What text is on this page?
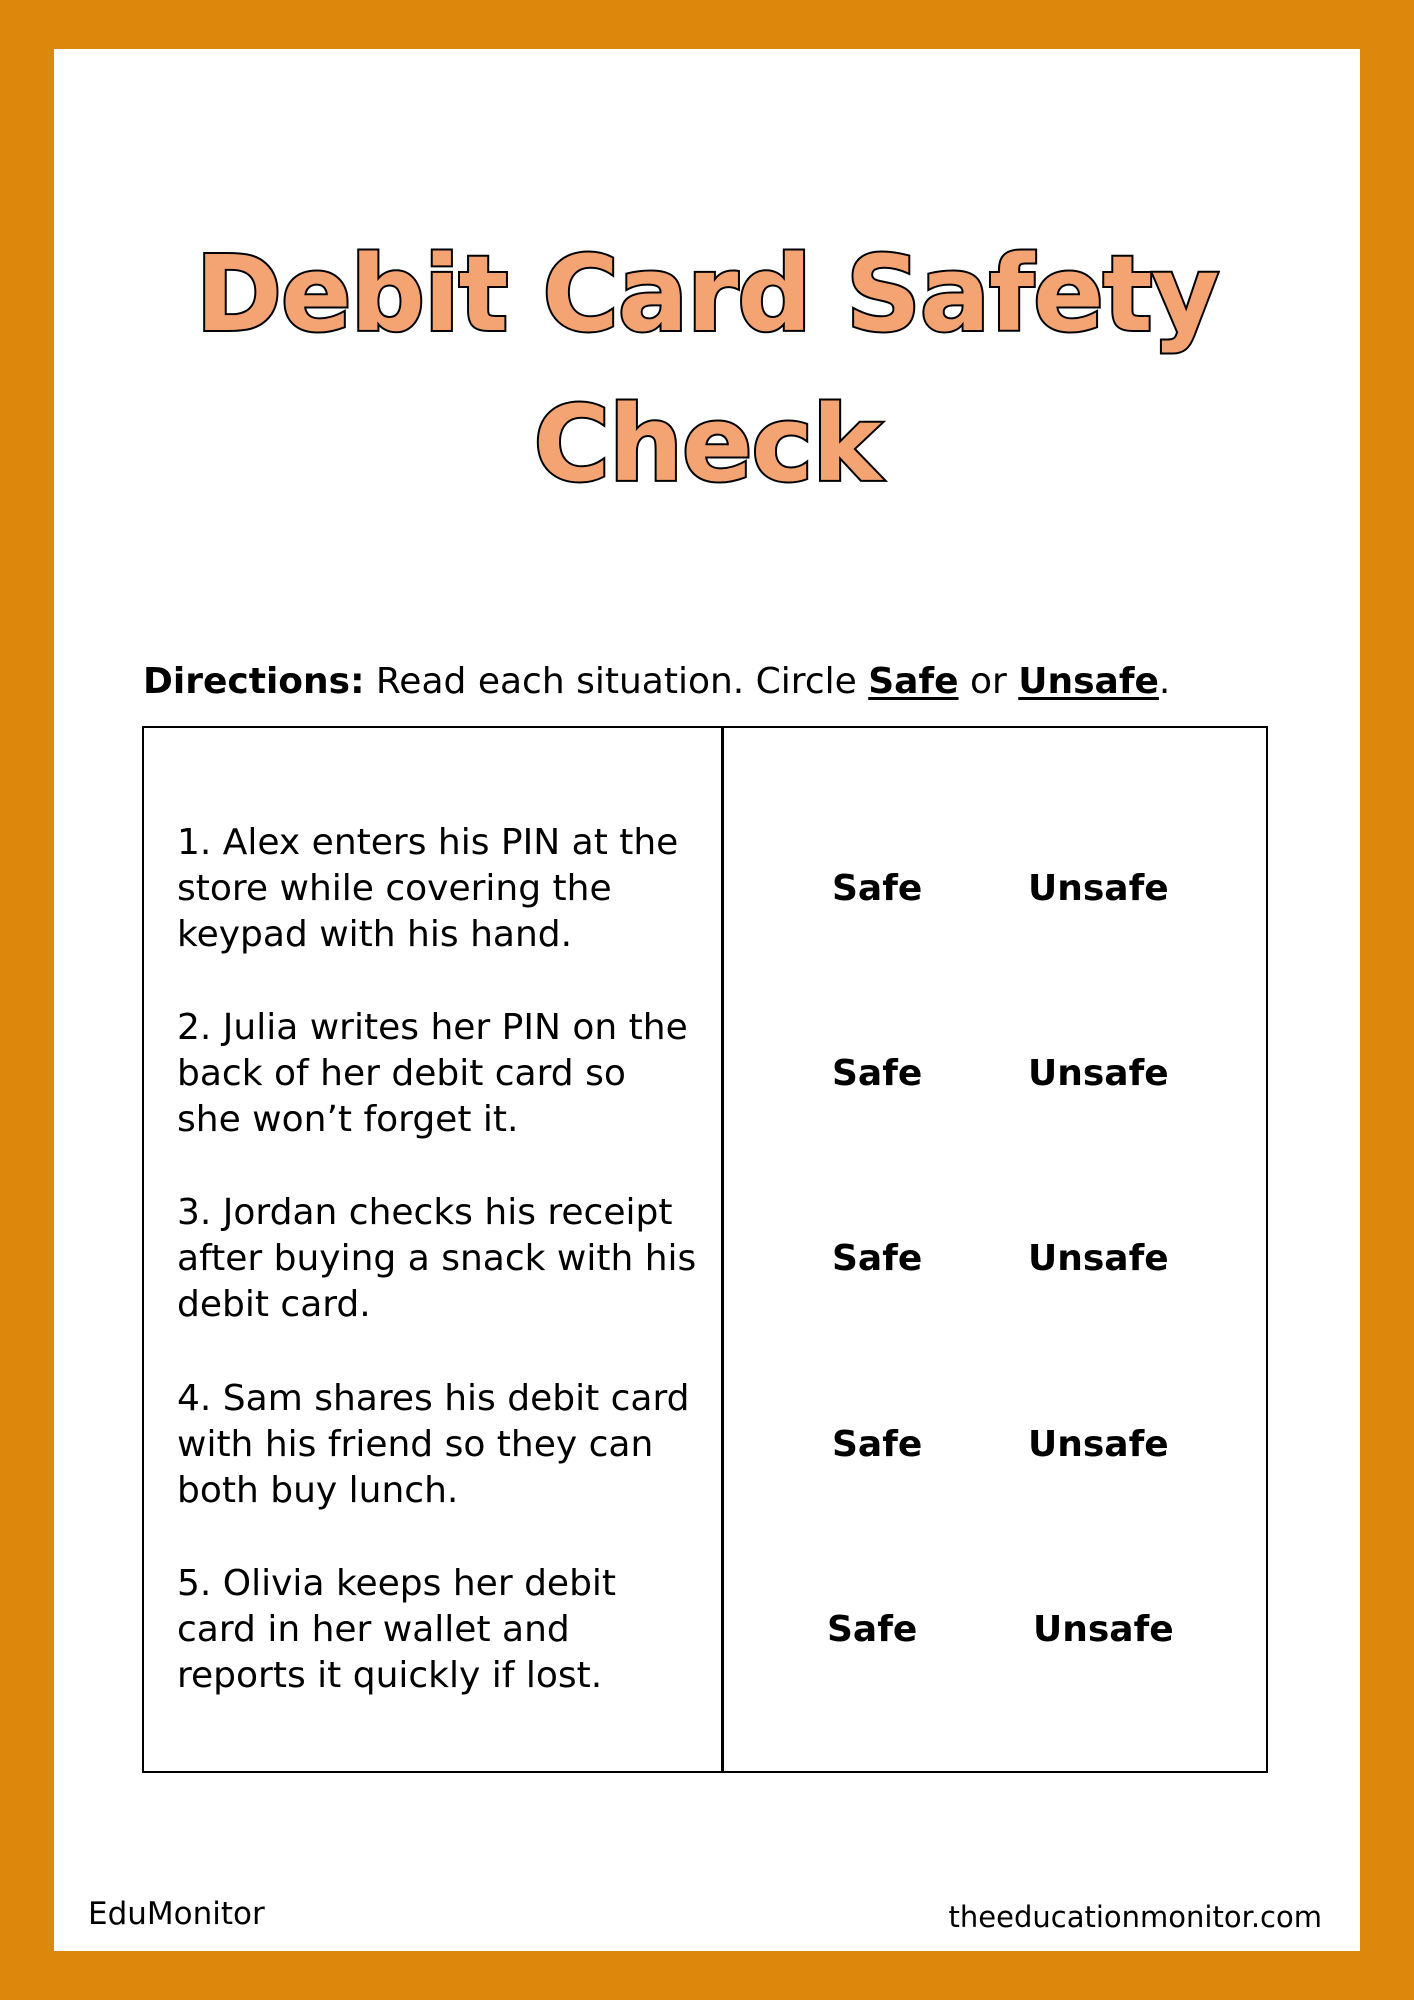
Debit Card Safety
Check
Directions: Read each situation. Circle Safe or Unsafe.
1. Alex enters his PIN at the store while covering the keypad with his hand.
Safe	Unsafe
2. Julia writes her PIN on the back of her debit card so she won’t forget it.
Safe	Unsafe
3. Jordan checks his receipt after buying a snack with his debit card.
Safe	Unsafe
4. Sam shares his debit card with his friend so they can both buy lunch.
Safe	Unsafe
5. Olivia keeps her debit card in her wallet and reports it quickly if lost.
Safe	Unsafe
EduMonitor	theeducationmonitor.com
